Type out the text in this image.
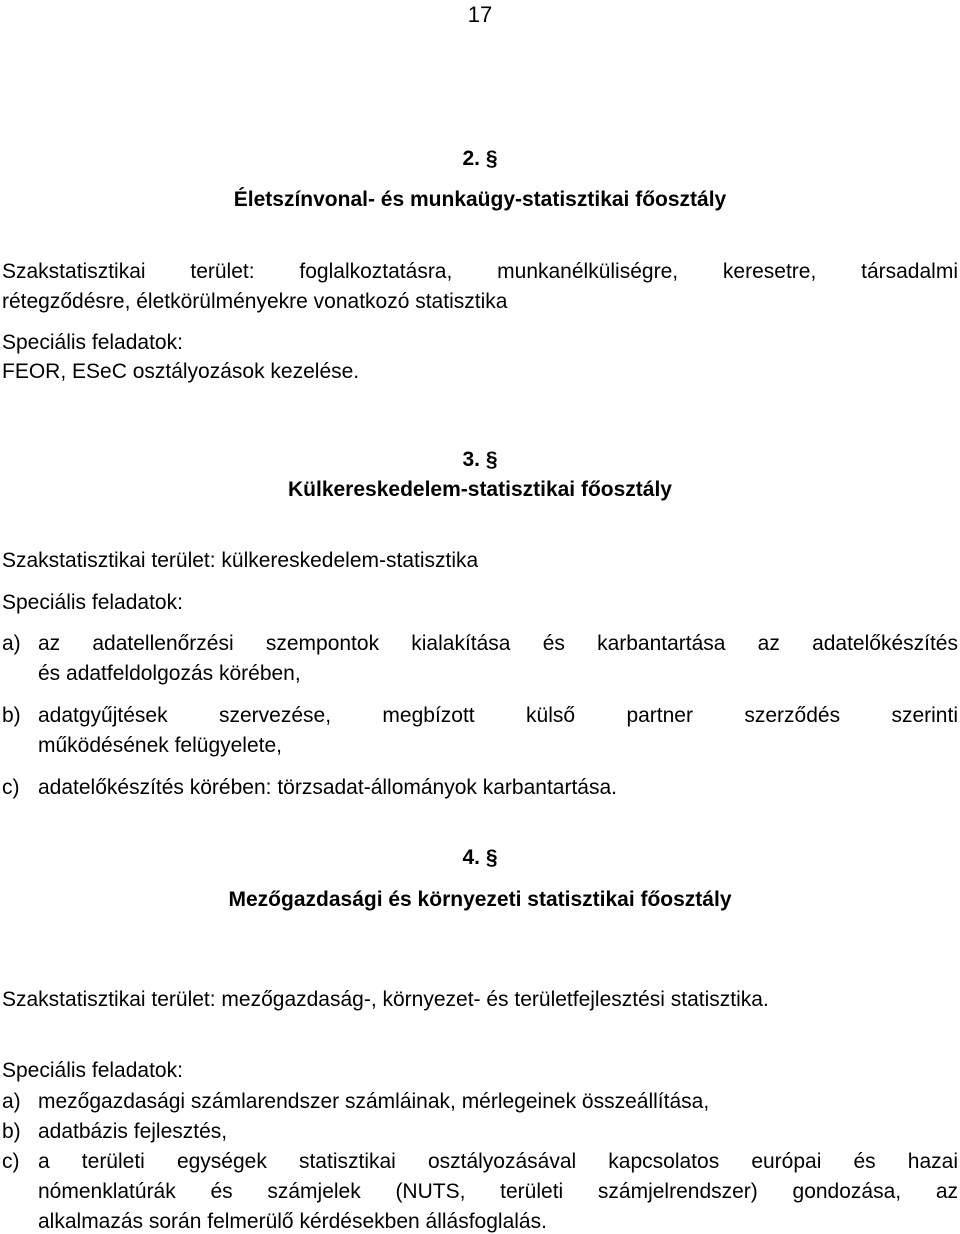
17
2. §
Életszínvonal- és munkaügy-statisztikai főosztály
Szakstatisztikai terület: foglalkoztatásra, munkanélküliségre, keresetre, társadalmi
rétegződésre, életkörülményekre vonatkozó statisztika
Speciális feladatok:
FEOR, ESeC osztályozások kezelése.
3. §
Külkereskedelem-statisztikai főosztály
Szakstatisztikai terület: külkereskedelem-statisztika
Speciális feladatok:
a) az adatellenőrzési szempontok kialakítása és karbantartása az adatelőkészítés
és adatfeldolgozás körében,
b) adatgyűjtések szervezése, megbízott külső partner szerződés szerinti
működésének felügyelete,
c) adatelőkészítés körében: törzsadat-állományok karbantartása.
4. §
Mezőgazdasági és környezeti statisztikai főosztály
Szakstatisztikai terület: mezőgazdaság-, környezet- és területfejlesztési statisztika.
Speciális feladatok:
a) mezőgazdasági számlarendszer számláinak, mérlegeinek összeállítása,
b) adatbázis fejlesztés,
c) a területi egységek statisztikai osztályozásával kapcsolatos európai és hazai
nómenklatúrák és számjelek (NUTS, területi számjelrendszer) gondozása, az
alkalmazás során felmerülő kérdésekben állásfoglalás.
